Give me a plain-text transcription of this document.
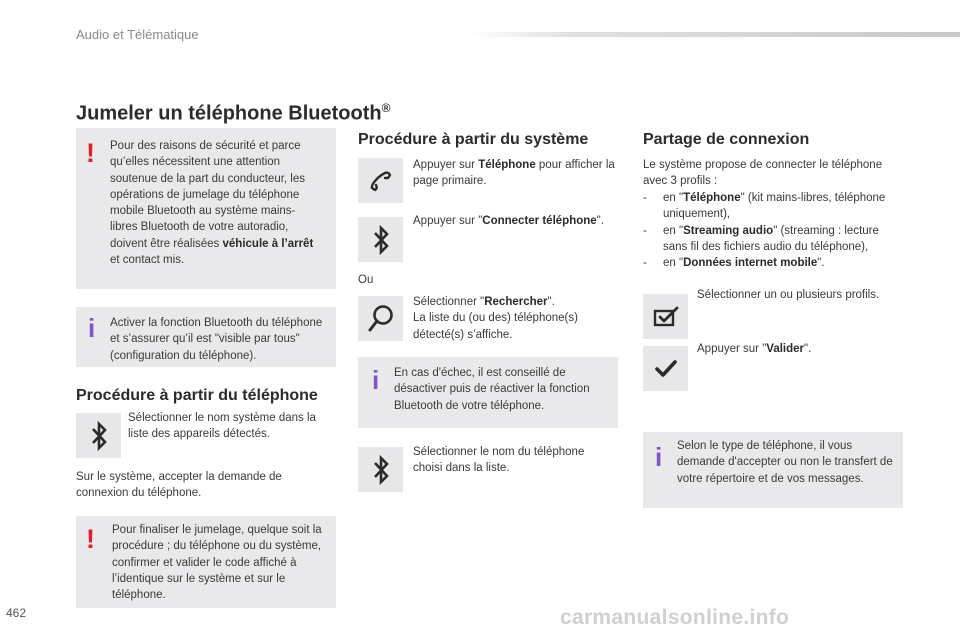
Audio et Télématique
Jumeler un téléphone Bluetooth®
! Pour des raisons de sécurité et parce qu’elles nécessitent une attention soutenue de la part du conducteur, les opérations de jumelage du téléphone mobile Bluetooth au système mains-libres Bluetooth de votre autoradio, doivent être réalisées véhicule à l’arrêt et contact mis.
i Activer la fonction Bluetooth du téléphone et s’assurer qu’il est "visible par tous" (configuration du téléphone).
Procédure à partir du téléphone
Sélectionner le nom système dans la liste des appareils détectés.
Sur le système, accepter la demande de connexion du téléphone.
! Pour finaliser le jumelage, quelque soit la procédure ; du téléphone ou du système, confirmer et valider le code affiché à l’identique sur le système et sur le téléphone.
Procédure à partir du système
Appuyer sur Téléphone pour afficher la page primaire.
Appuyer sur "Connecter téléphone".
Ou
Sélectionner "Rechercher".
La liste du (ou des) téléphone(s) détecté(s) s’affiche.
i En cas d'échec, il est conseillé de désactiver puis de réactiver la fonction Bluetooth de votre téléphone.
Sélectionner le nom du téléphone choisi dans la liste.
Partage de connexion
Le système propose de connecter le téléphone avec 3 profils :
- en "Téléphone" (kit mains-libres, téléphone uniquement),
- en "Streaming audio" (streaming : lecture sans fil des fichiers audio du téléphone),
- en "Données internet mobile".
Sélectionner un ou plusieurs profils.
Appuyer sur "Valider".
i Selon le type de téléphone, il vous demande d'accepter ou non le transfert de votre répertoire et de vos messages.
462	carmanualsonline.info
